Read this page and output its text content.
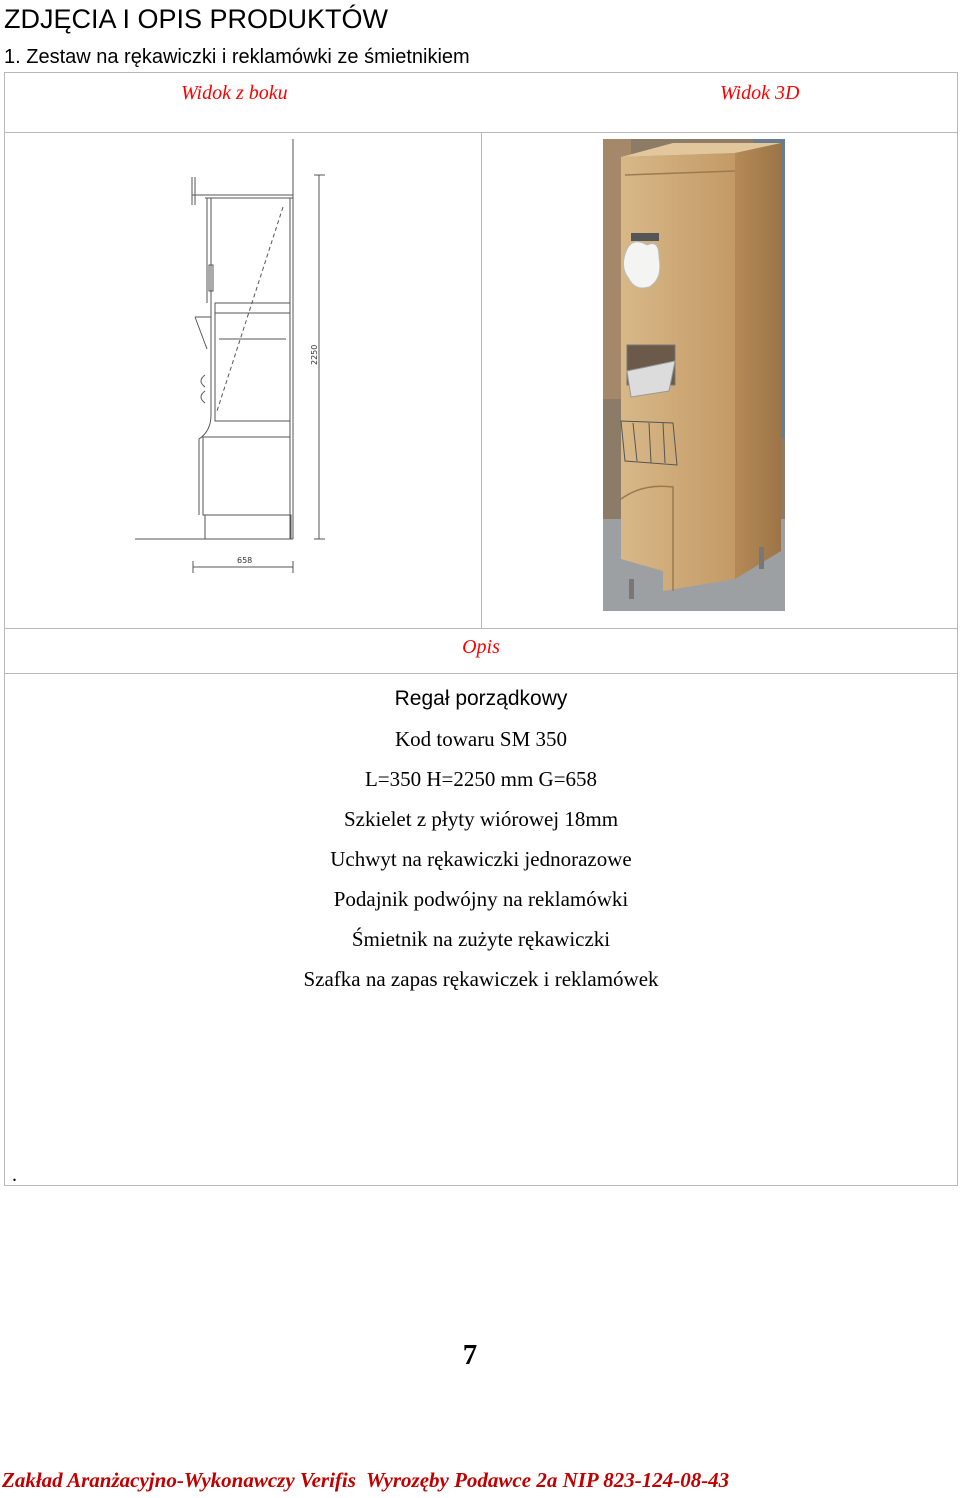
ZDJĘCIA I OPIS PRODUKTÓW
1. Zestaw na rękawiczki i reklamówki ze śmietnikiem
Widok z boku	Widok 3D
Opis
2250
658
Regał porządkowy
Kod towaru SM 350
L=350 H=2250 mm G=658
Szkielet z płyty wiórowej 18mm
Uchwyt na rękawiczki jednorazowe
Podajnik podwójny na reklamówki
Śmietnik na zużyte rękawiczki
Szafka na zapas rękawiczek i reklamówek
.
7
Zakład Aranżacyjno-Wykonawczy Verifis  Wyrozęby Podawce 2a NIP 823-124-08-43
